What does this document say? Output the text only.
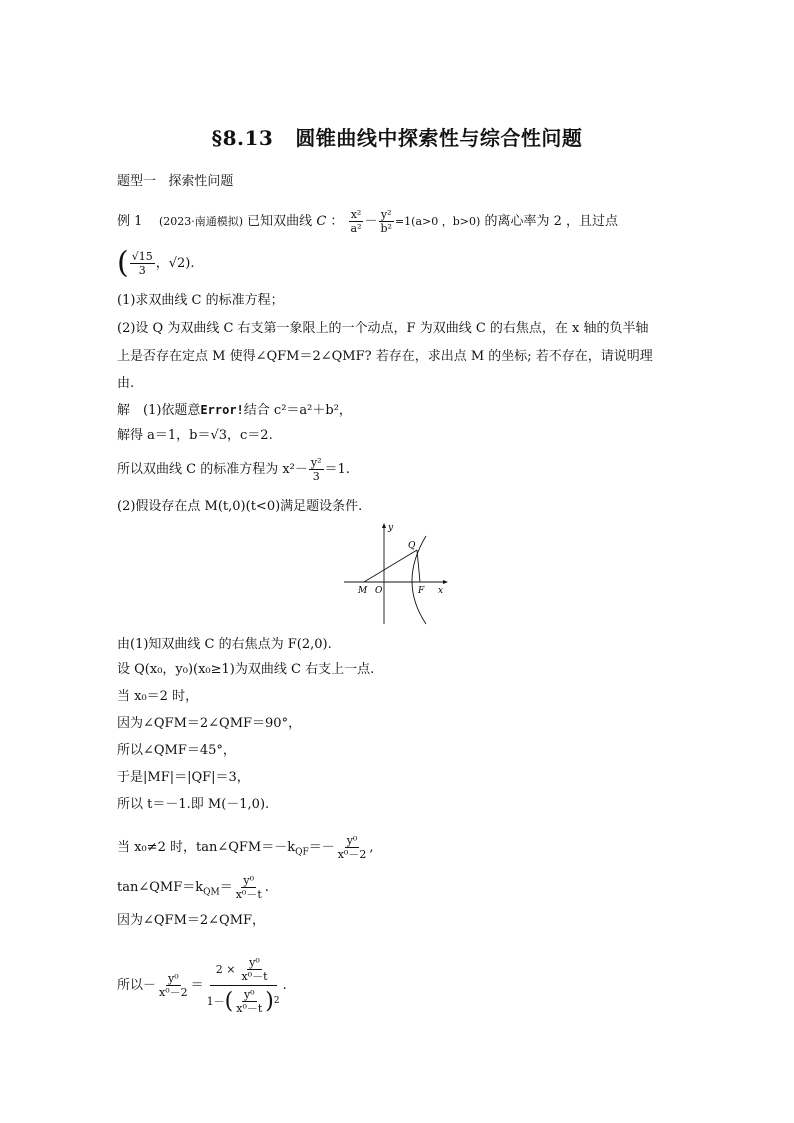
§8.13 圆锥曲线中探索性与综合性问题
题型一 探索性问题
例 1 (2023·南通模拟) 已知双曲线 C ： $\frac{\text{x²}}{\text{a²}} - \frac{\text{y²}}{\text{b²}} =1(a>0$ ，b>0) 的离心率为 2 ，且过点
( $\frac{√15}{3}$ ，√2).
(1)求双曲线 C 的标准方程；
(2)设 Q 为双曲线 C 右支第一象限上的一个动点，F 为双曲线 C 的右焦点，在 x 轴的负半轴
上是否存在定点 M 使得∠QFM＝2∠QMF? 若存在，求出点 M 的坐标; 若不存在，请说明理
由.
解　(1)依题意Error!结合 c²＝a²＋b²，
解得 a＝1，b＝√3，c＝2.
所以双曲线 C 的标准方程为 $x^2- \frac{\text{y²}}{3} =1$.
(2)假设存在点 M(t,0)(t<0)满足题设条件.
y
x
Q
M O	F
由(1)知双曲线 C 的右焦点为 F(2,0).
设 Q(x₀，y₀)(x₀≥1)为双曲线 C 右支上一点.
当 x₀＝2 时，
因为∠QFM＝2∠QMF＝90°，
所以∠QMF＝45°，
于是|MF|＝|QF|＝3，
所以 t＝－1.即 M(－1,0).
当 x₀≠2 时，$\tan\angle QFM=-k_{QF}=- \frac{\text{y⁰}}{\text{x⁰－2}}$ ,
$\tan\angle QMF=k_{QM}= \frac{\text{y⁰}}{\text{x⁰－t}}$ .
因为∠QFM＝2∠QMF，
所以－ $\frac{\text{y⁰}}{\text{x⁰－2}} = \frac{2 \times \frac{\text{y⁰}}{\text{x⁰－t}}}{1- ( \frac{\text{y⁰}}{\text{x⁰－t}} ) 2}$ .
